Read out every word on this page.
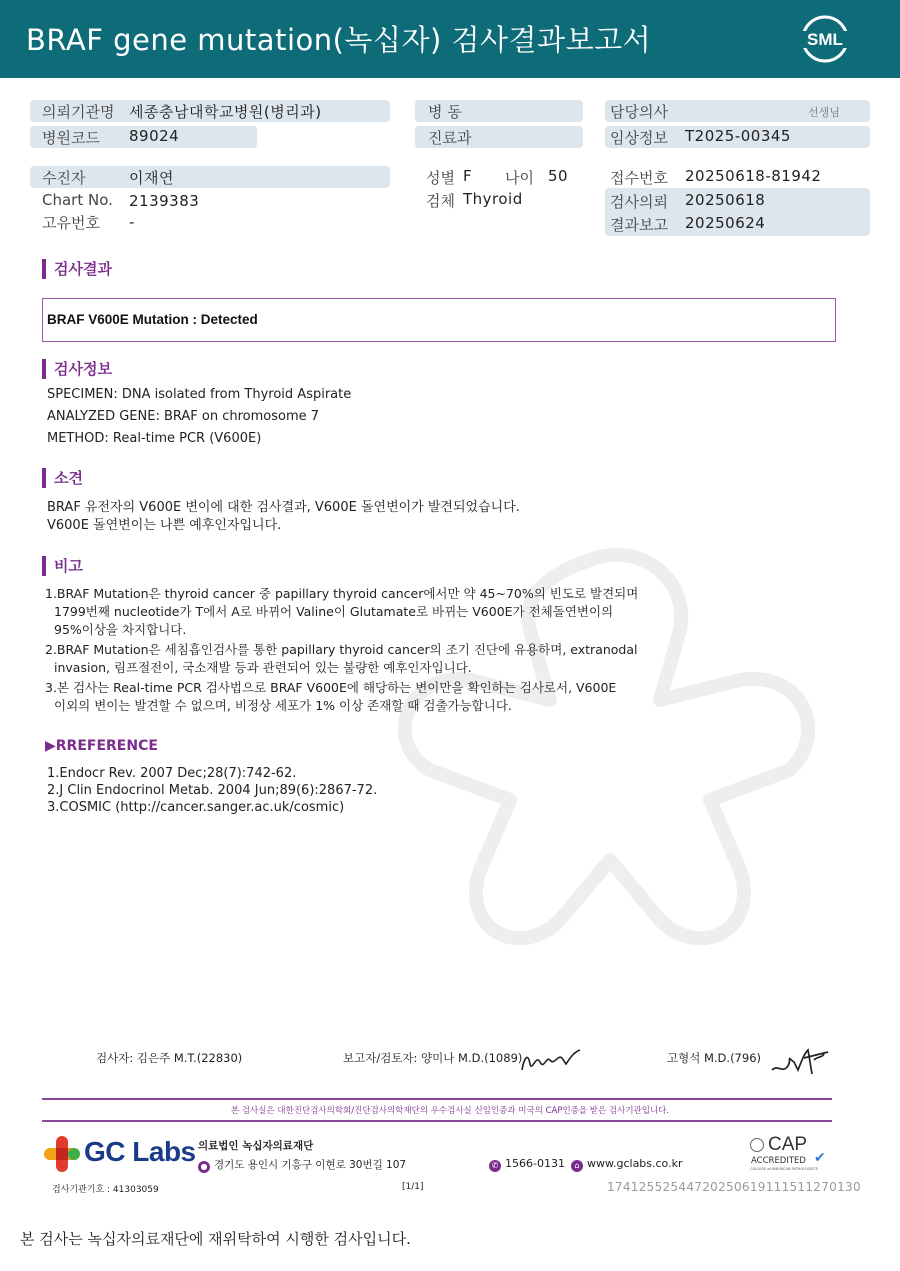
BRAF gene mutation(녹십자) 검사결과보고서	SML
의뢰기관명 세종충남대학교병원(병리과)
병원코드 89024
병 동
진료과
담당의사	선생님
임상정보 T2025-00345
수진자	이재연
Chart No. 2139383
고유번호 -
성별 F 나이 50
검체 Thyroid
접수번호 20250618-81942
검사의뢰 20250618
결과보고 20250624
검사결과
BRAF V600E Mutation : Detected
검사정보
SPECIMEN: DNA isolated from Thyroid Aspirate
ANALYZED GENE: BRAF on chromosome 7
METHOD: Real-time PCR (V600E)
소견
BRAF 유전자의 V600E 변이에 대한 검사결과, V600E 돌연변이가 발견되었습니다.
V600E 돌연변이는 나쁜 예후인자입니다.
비고
1.BRAF Mutation은 thyroid cancer 중 papillary thyroid cancer에서만 약 45~70%의 빈도로 발견되며
1799번째 nucleotide가 T에서 A로 바뀌어 Valine이 Glutamate로 바뀌는 V600E가 전체돌연변이의
95%이상을 차지합니다.
2.BRAF Mutation은 세침흡인검사를 통한 papillary thyroid cancer의 조기 진단에 유용하며, extranodal
invasion, 림프절전이, 국소재발 등과 관련되어 있는 불량한 예후인자입니다.
3.본 검사는 Real-time PCR 검사법으로 BRAF V600E에 해당하는 변이만을 확인하는 검사로서, V600E
이외의 변이는 발견할 수 없으며, 비정상 세포가 1% 이상 존재할 때 검출가능합니다.
▶RREFERENCE
1.Endocr Rev. 2007 Dec;28(7):742-62.
2.J Clin Endocrinol Metab. 2004 Jun;89(6):2867-72.
3.COSMIC (http://cancer.sanger.ac.uk/cosmic)
검사자: 김은주 M.T.(22830)	보고자/검토자: 양미나 M.D.(1089)	고형석 M.D.(796)
본 검사실은 대한진단검사의학회/진단검사의학재단의 우수검사실 신임인증과 미국의 CAP인증을 받은 검사기관입니다.
GC Labs 의료법인 녹십자의료재단
● 경기도 용인시 기흥구 이현로 30번길 107	✆ 1566-0131	⌂ www.gclabs.co.kr
CAP
ACCREDITED ✔
COLLEGE of AMERICAN PATHOLOGISTS
검사기관기호 : 41303059	[1/1]	17412552544720250619111511270130
본 검사는 녹십자의료재단에 재위탁하여 시행한 검사입니다.
